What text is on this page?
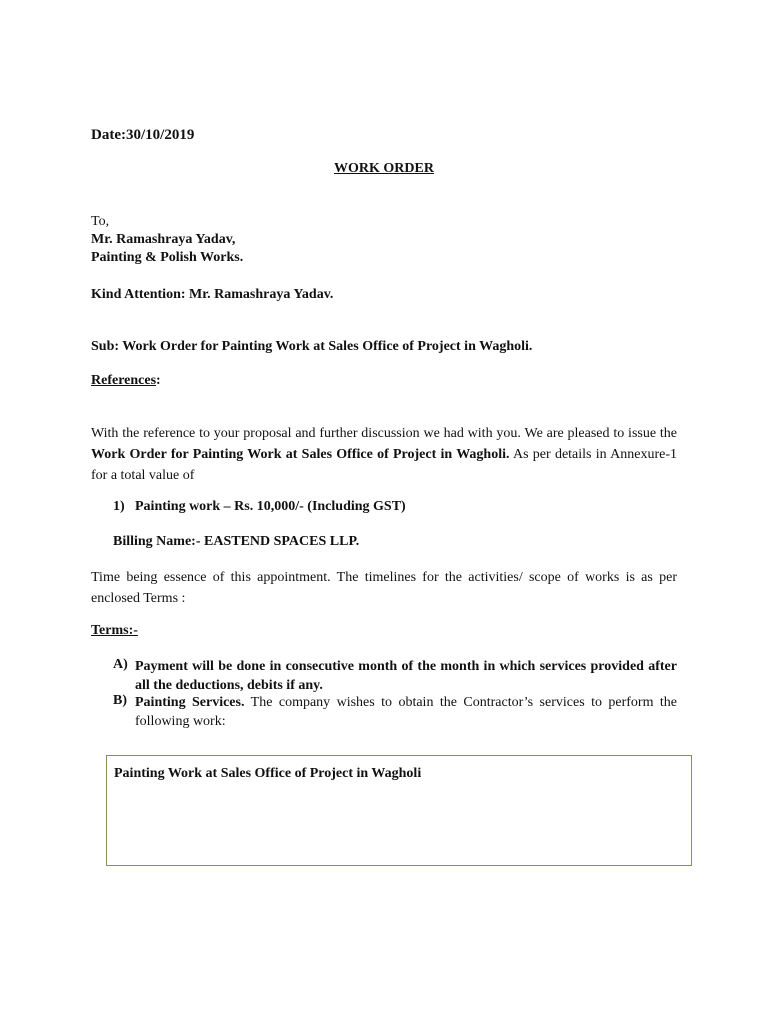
Date:30/10/2019
WORK ORDER
To,
Mr. Ramashraya Yadav,
Painting & Polish Works.
Kind Attention: Mr. Ramashraya Yadav.
Sub: Work Order for Painting Work at Sales Office of Project in Wagholi.
References:
With the reference to your proposal and further discussion we had with you. We are pleased to issue the Work Order for Painting Work at Sales Office of Project in Wagholi. As per details in Annexure-1 for a total value of
1) Painting work – Rs. 10,000/- (Including GST)
Billing Name:- EASTEND SPACES LLP.
Time being essence of this appointment. The timelines for the activities/ scope of works is as per enclosed Terms :
Terms:-
A) Payment will be done in consecutive month of the month in which services provided after all the deductions, debits if any.
B) Painting Services. The company wishes to obtain the Contractor’s services to perform the following work:
Painting Work at Sales Office of Project in Wagholi
